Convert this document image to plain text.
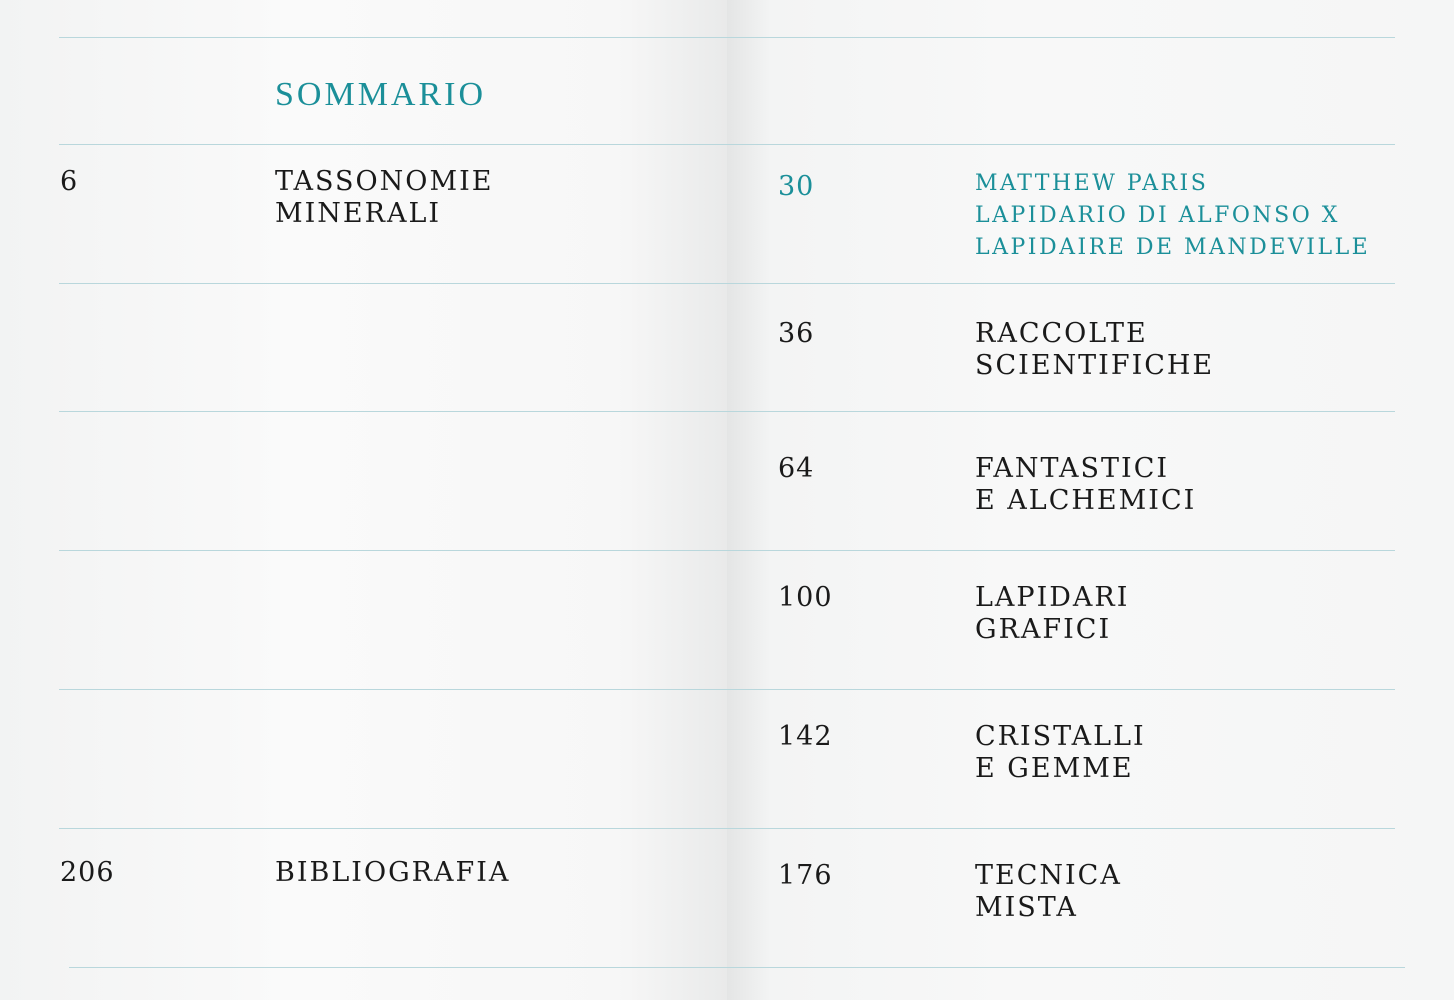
SOMMARIO
6	TASSONOMIE
MINERALI
206	BIBLIOGRAFIA
30	MATTHEW PARIS
LAPIDARIO DI ALFONSO X
LAPIDAIRE DE MANDEVILLE
36	RACCOLTE
SCIENTIFICHE
64	FANTASTICI
E ALCHEMICI
100	LAPIDARI
GRAFICI
142	CRISTALLI
E GEMME
176	TECNICA
MISTA
